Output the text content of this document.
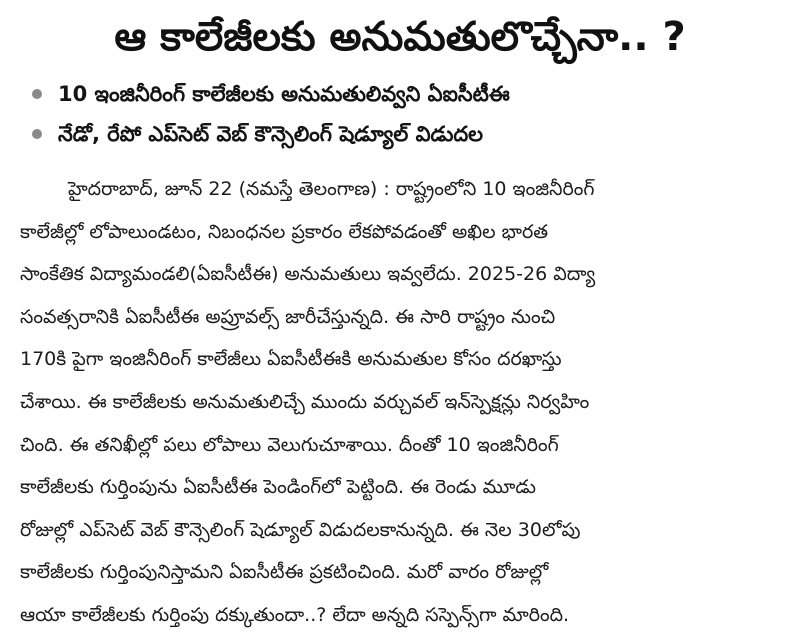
ఆ కాలేజీలకు అనుమతులొచ్చేనా.. ?
10 ఇంజినీరింగ్ కాలేజీలకు అనుమతులివ్వని ఏఐసీటీఈ
నేడో, రేపో ఎప్‌సెట్ వెబ్ కౌన్సెలింగ్ షెడ్యూల్ విడుదల
హైదరాబాద్, జూన్ 22 (నమస్తే తెలంగాణ) : రాష్ట్రంలోని 10 ఇంజినీరింగ్
కాలేజీల్లో లోపాలుండటం, నిబంధనల ప్రకారం లేకపోవడంతో అఖిల భారత
సాంకేతిక విద్యామండలి(ఏఐసీటీఈ) అనుమతులు ఇవ్వలేదు. 2025-26 విద్యా
సంవత్సరానికి ఏఐసీటీఈ అప్రూవల్స్ జారీచేస్తున్నది. ఈ సారి రాష్ట్రం నుంచి
170కి పైగా ఇంజినీరింగ్ కాలేజీలు ఏఐసీటీఈకి అనుమతుల కోసం దరఖాస్తు
చేశాయి. ఈ కాలేజీలకు అనుమతులిచ్చే ముందు వర్చువల్ ఇన్‌స్పెక్షన్లు నిర్వహిం
చింది. ఈ తనిఖీల్లో పలు లోపాలు వెలుగుచూశాయి. దీంతో 10 ఇంజినీరింగ్
కాలేజీలకు గుర్తింపును ఏఐసీటీఈ పెండింగ్‌లో పెట్టింది. ఈ రెండు మూడు
రోజుల్లో ఎప్‌సెట్ వెబ్ కౌన్సెలింగ్ షెడ్యూల్ విడుదలకానున్నది. ఈ నెల 30లోపు
కాలేజీలకు గుర్తింపునిస్తామని ఏఐసీటీఈ ప్రకటించింది. మరో వారం రోజుల్లో
ఆయా కాలేజీలకు గుర్తింపు దక్కుతుందా..? లేదా అన్నది సస్పెన్స్‌గా మారింది.
